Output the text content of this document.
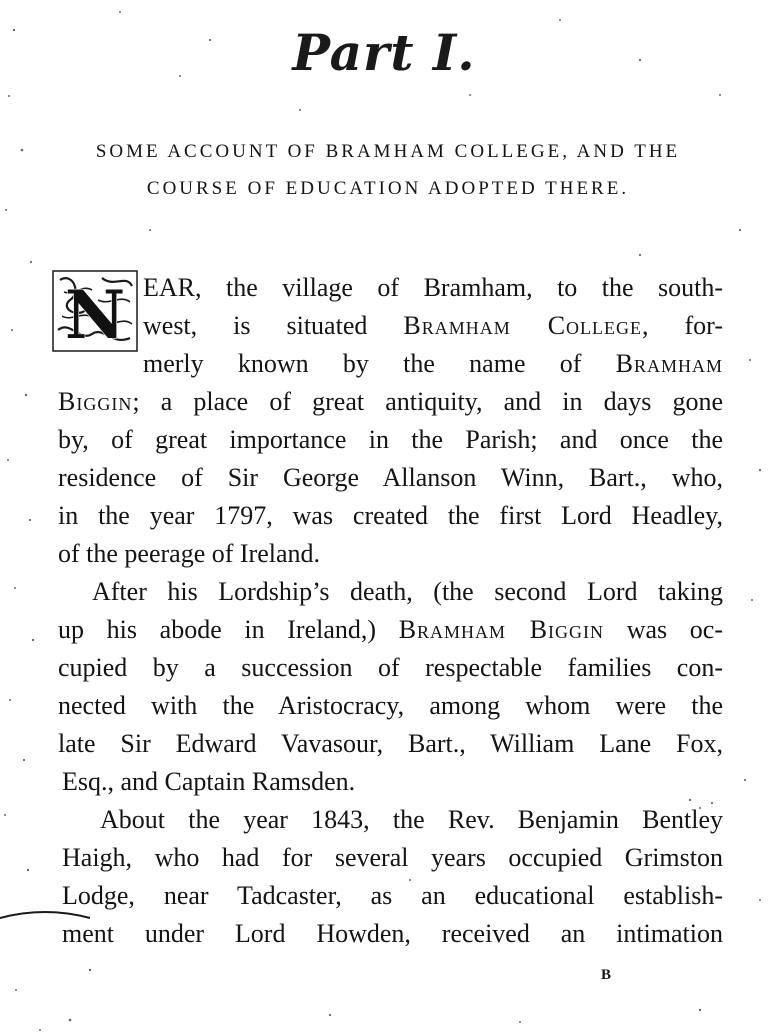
Part I.
SOME ACCOUNT OF BRAMHAM COLLEGE, AND THE
COURSE OF EDUCATION ADOPTED THERE.
N EAR, the village of Bramham, to the south-

west, is situated Bramham College, for-

merly known by the name of Bramham

Biggin; a place of great antiquity, and in days gone

by, of great importance in the Parish; and once the

residence of Sir George Allanson Winn, Bart., who,

in the year 1797, was created the first Lord Headley,

of the peerage of Ireland.

After his Lordship’s death, (the second Lord taking

up his abode in Ireland,) Bramham Biggin was oc-

cupied by a succession of respectable families con-

nected with the Aristocracy, among whom were the

late Sir Edward Vavasour, Bart., William Lane Fox,

Esq., and Captain Ramsden.

About the year 1843, the Rev. Benjamin Bentley

Haigh, who had for several years occupied Grimston

Lodge, near Tadcaster, as an educational establish-

ment under Lord Howden, received an intimation

B
